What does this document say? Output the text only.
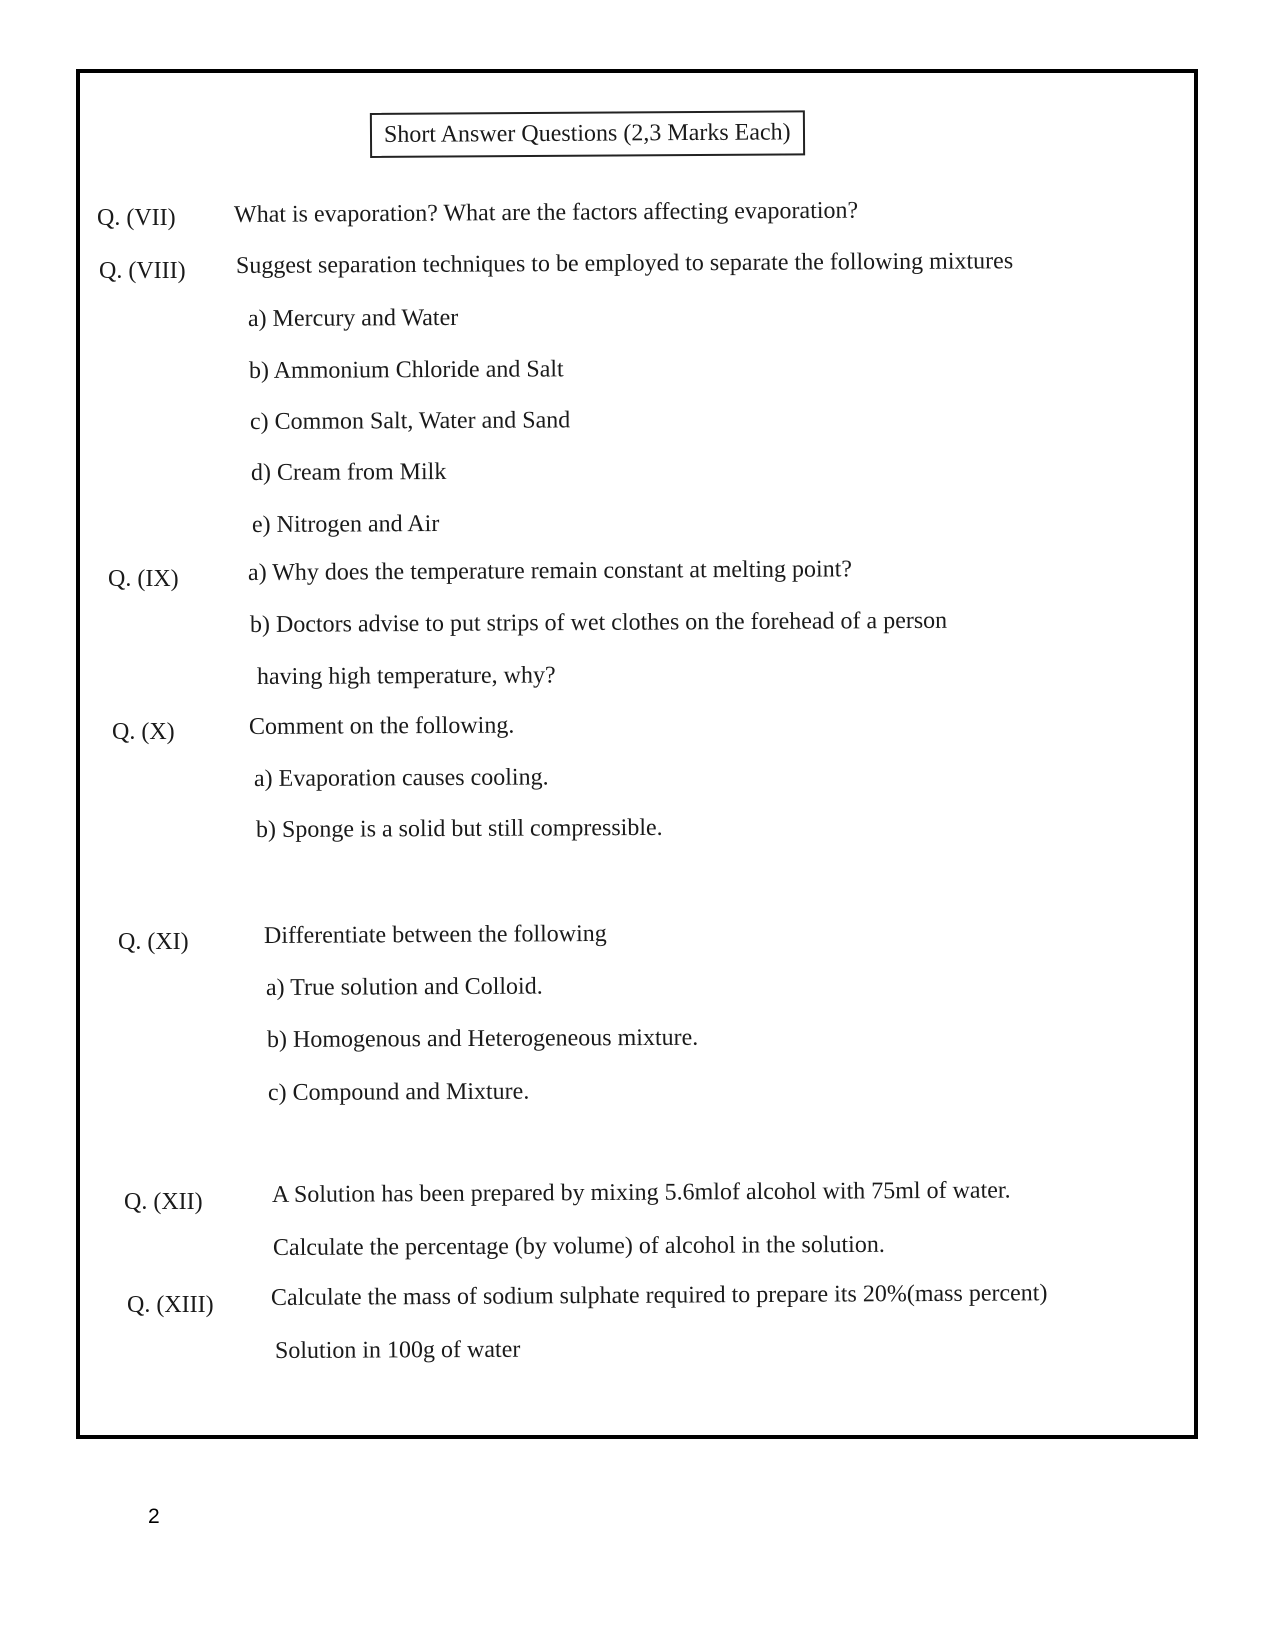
Short Answer Questions (2,3 Marks Each)
Q. (VII) What is evaporation? What are the factors affecting evaporation?
Q. (VIII) Suggest separation techniques to be employed to separate the following mixtures
a) Mercury and Water
b) Ammonium Chloride and Salt
c) Common Salt, Water and Sand
d) Cream from Milk
e) Nitrogen and Air
Q. (IX)	a) Why does the temperature remain constant at melting point?
b) Doctors advise to put strips of wet clothes on the forehead of a person
having high temperature, why?
Q. (X)	Comment on the following.
a) Evaporation causes cooling.
b) Sponge is a solid but still compressible.
Q. (XI)	Differentiate between the following
a) True solution and Colloid.
b) Homogenous and Heterogeneous mixture.
c) Compound and Mixture.
Q. (XII)	A Solution has been prepared by mixing 5.6mlof alcohol with 75ml of water.
Calculate the percentage (by volume) of alcohol in the solution.
Q. (XIII) Calculate the mass of sodium sulphate required to prepare its 20%(mass percent)
Solution in 100g of water
2
